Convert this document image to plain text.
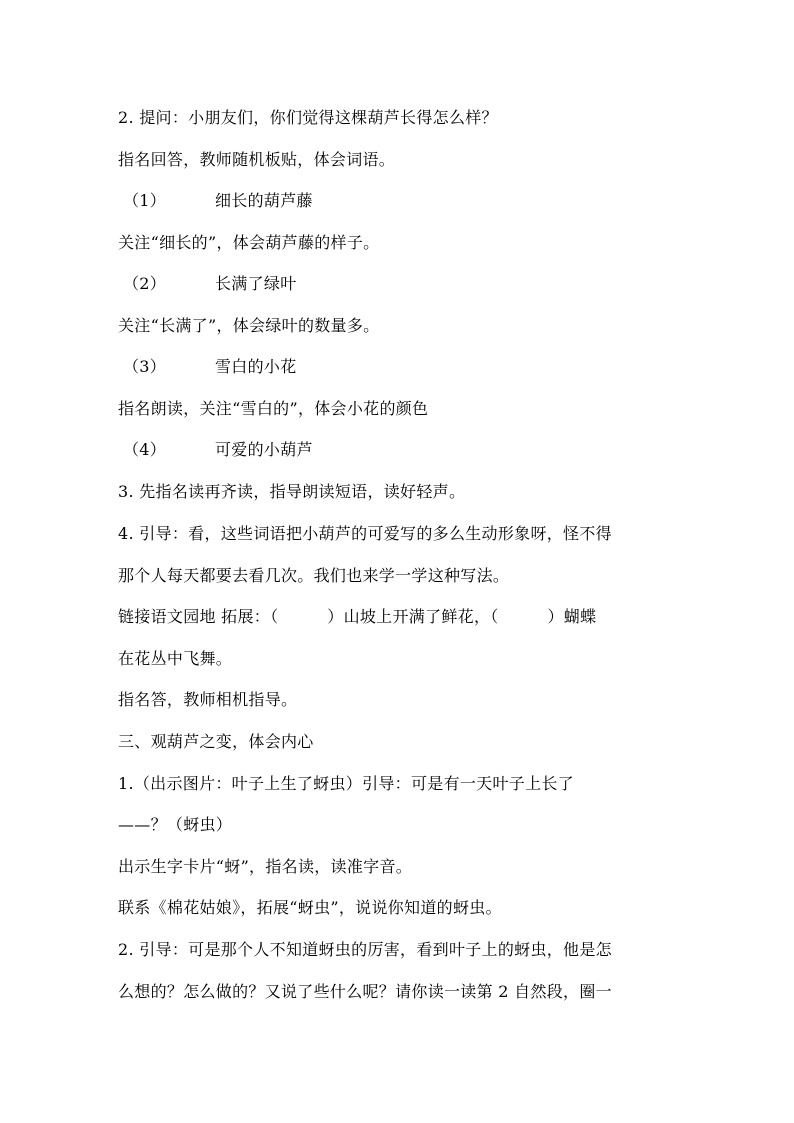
2. 提问：小朋友们，你们觉得这棵葫芦长得怎么样？
指名回答，教师随机板贴，体会词语。
（1）	细长的葫芦藤
关注“细长的”，体会葫芦藤的样子。
（2）	长满了绿叶
关注“长满了”，体会绿叶的数量多。
（3）	雪白的小花
指名朗读，关注“雪白的”，体会小花的颜色
（4）	可爱的小葫芦
3. 先指名读再齐读，指导朗读短语，读好轻声。
4. 引导：看，这些词语把小葫芦的可爱写的多么生动形象呀，怪不得
那个人每天都要去看几次。我们也来学一学这种写法。
链接语文园地 拓展：（　　　）山坡上开满了鲜花，（　　　）蝴蝶
在花丛中飞舞。
指名答，教师相机指导。
三、观葫芦之变，体会内心
1.（出示图片：叶子上生了蚜虫）引导：可是有一天叶子上长了
——？（蚜虫）
出示生字卡片“蚜”，指名读，读准字音。
联系《棉花姑娘》，拓展“蚜虫”，说说你知道的蚜虫。
2. 引导：可是那个人不知道蚜虫的厉害，看到叶子上的蚜虫，他是怎
么想的？怎么做的？又说了些什么呢？请你读一读第 2 自然段，圈一
